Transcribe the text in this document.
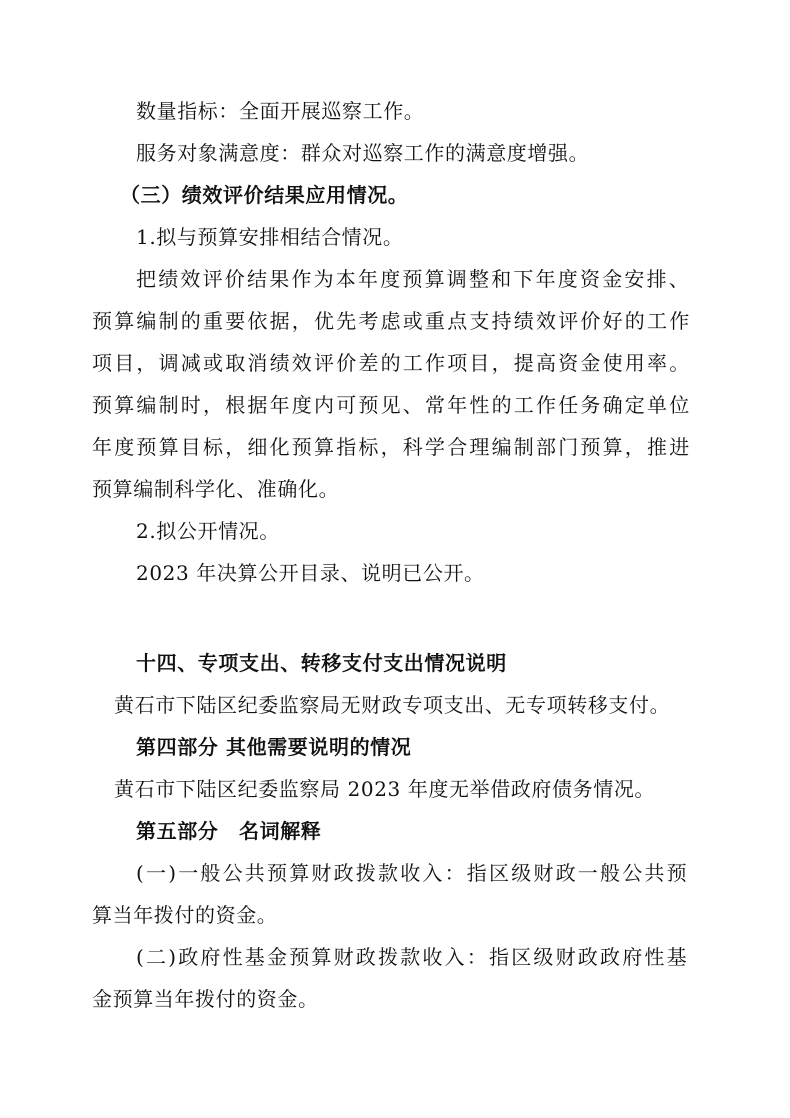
数量指标：全面开展巡察工作。
服务对象满意度：群众对巡察工作的满意度增强。
（三）绩效评价结果应用情况。
1.拟与预算安排相结合情况。
把绩效评价结果作为本年度预算调整和下年度资金安排、
预算编制的重要依据，优先考虑或重点支持绩效评价好的工作
项目，调减或取消绩效评价差的工作项目，提高资金使用率。
预算编制时，根据年度内可预见、常年性的工作任务确定单位
年度预算目标，细化预算指标，科学合理编制部门预算，推进
预算编制科学化、准确化。
2.拟公开情况。
2023 年决算公开目录、说明已公开。
十四、专项支出、转移支付支出情况说明
黄石市下陆区纪委监察局无财政专项支出、无专项转移支付。
第四部分 其他需要说明的情况
黄石市下陆区纪委监察局 2023 年度无举借政府债务情况。
第五部分　名词解释
(一)一般公共预算财政拨款收入：指区级财政一般公共预
算当年拨付的资金。
(二)政府性基金预算财政拨款收入：指区级财政政府性基
金预算当年拨付的资金。
